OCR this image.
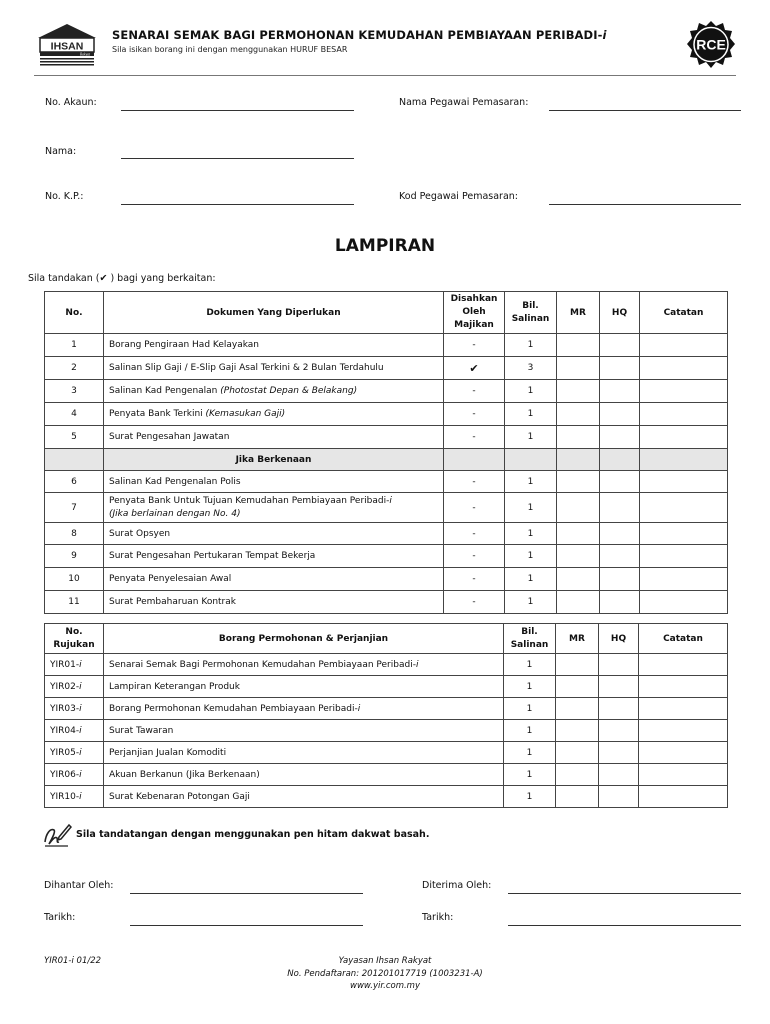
IHSAN
Rakyat
SENARAI SEMAK BAGI PERMOHONAN KEMUDAHAN PEMBIAYAAN PERIBADI-i
Sila isikan borang ini dengan menggunakan HURUF BESAR	RCE
No. Akaun:	Nama Pegawai Pemasaran:
Nama:
No. K.P.:	Kod Pegawai Pemasaran:
LAMPIRAN
Sila tandakan (✔ ) bagi yang berkaitan:
No.	Dokumen Yang Diperlukan	Disahkan Oleh Majikan	Bil. Salinan	MR	HQ	Catatan
1	Borang Pengiraan Had Kelayakan	-	1			
2	Salinan Slip Gaji / E-Slip Gaji Asal Terkini & 2 Bulan Terdahulu	✔	3			
3	Salinan Kad Pengenalan (Photostat Depan & Belakang)	-	1			
4	Penyata Bank Terkini (Kemasukan Gaji)	-	1			
5	Surat Pengesahan Jawatan	-	1			
	Jika Berkenaan					
6	Salinan Kad Pengenalan Polis	-	1			
7	Penyata Bank Untuk Tujuan Kemudahan Pembiayaan Peribadi-i
(Jika berlainan dengan No. 4)	-	1			
8	Surat Opsyen	-	1			
9	Surat Pengesahan Pertukaran Tempat Bekerja	-	1			
10	Penyata Penyelesaian Awal	-	1			
11	Surat Pembaharuan Kontrak	-	1			
No. Rujukan	Borang Permohonan & Perjanjian	Bil. Salinan	MR	HQ	Catatan
YIR01-i	Senarai Semak Bagi Permohonan Kemudahan Pembiayaan Peribadi-i	1			
YIR02-i	Lampiran Keterangan Produk	1			
YIR03-i	Borang Permohonan Kemudahan Pembiayaan Peribadi-i	1			
YIR04-i	Surat Tawaran	1			
YIR05-i	Perjanjian Jualan Komoditi	1			
YIR06-i	Akuan Berkanun (Jika Berkenaan)	1			
YIR10-i	Surat Kebenaran Potongan Gaji	1			
Sila tandatangan dengan menggunakan pen hitam dakwat basah.
Dihantar Oleh:	Diterima Oleh:
Tarikh:	Tarikh:
YIR01-i 01/22	Yayasan Ihsan Rakyat
No. Pendaftaran: 201201017719 (1003231-A)
www.yir.com.my
